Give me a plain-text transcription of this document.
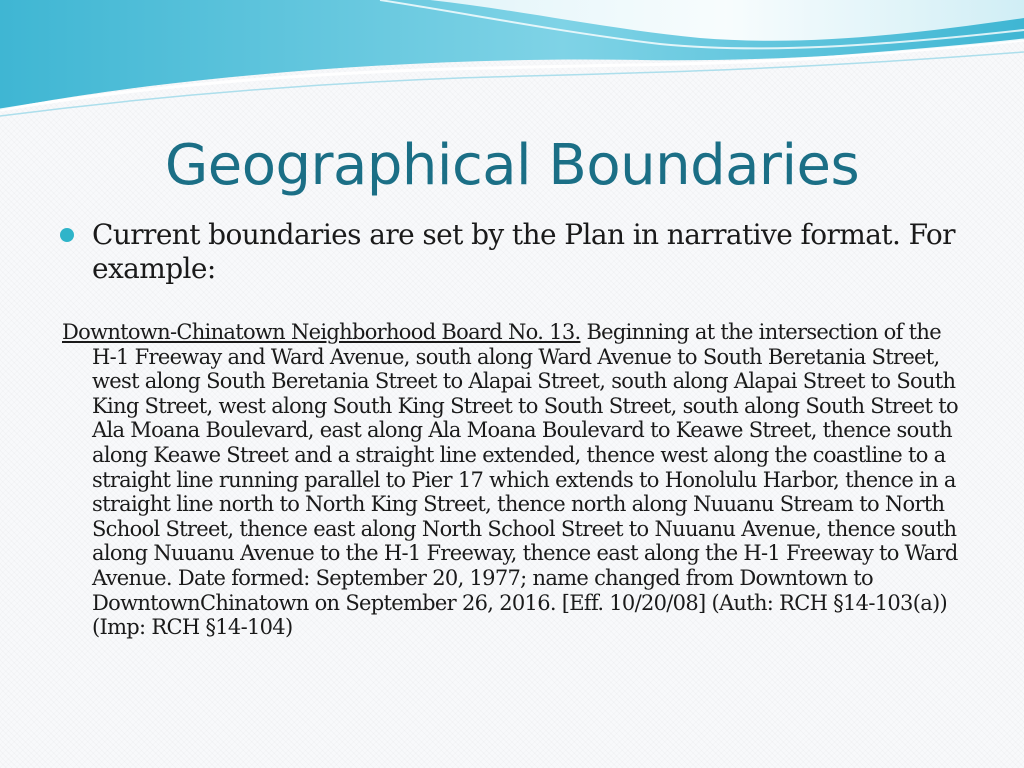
Geographical Boundaries
Current boundaries are set by the Plan in narrative format. For example:
Downtown-Chinatown Neighborhood Board No. 13. Beginning at the intersection of the H-1 Freeway and Ward Avenue, south along Ward Avenue to South Beretania Street, west along South Beretania Street to Alapai Street, south along Alapai Street to South King Street, west along South King Street to South Street, south along South Street to Ala Moana Boulevard, east along Ala Moana Boulevard to Keawe Street, thence south along Keawe Street and a straight line extended, thence west along the coastline to a straight line running parallel to Pier 17 which extends to Honolulu Harbor, thence in a straight line north to North King Street, thence north along Nuuanu Stream to North School Street, thence east along North School Street to Nuuanu Avenue, thence south along Nuuanu Avenue to the H-1 Freeway, thence east along the H-1 Freeway to Ward Avenue. Date formed: September 20, 1977; name changed from Downtown to DowntownChinatown on September 26, 2016. [Eff. 10/20/08] (Auth: RCH §14-103(a)) (Imp: RCH §14-104)
